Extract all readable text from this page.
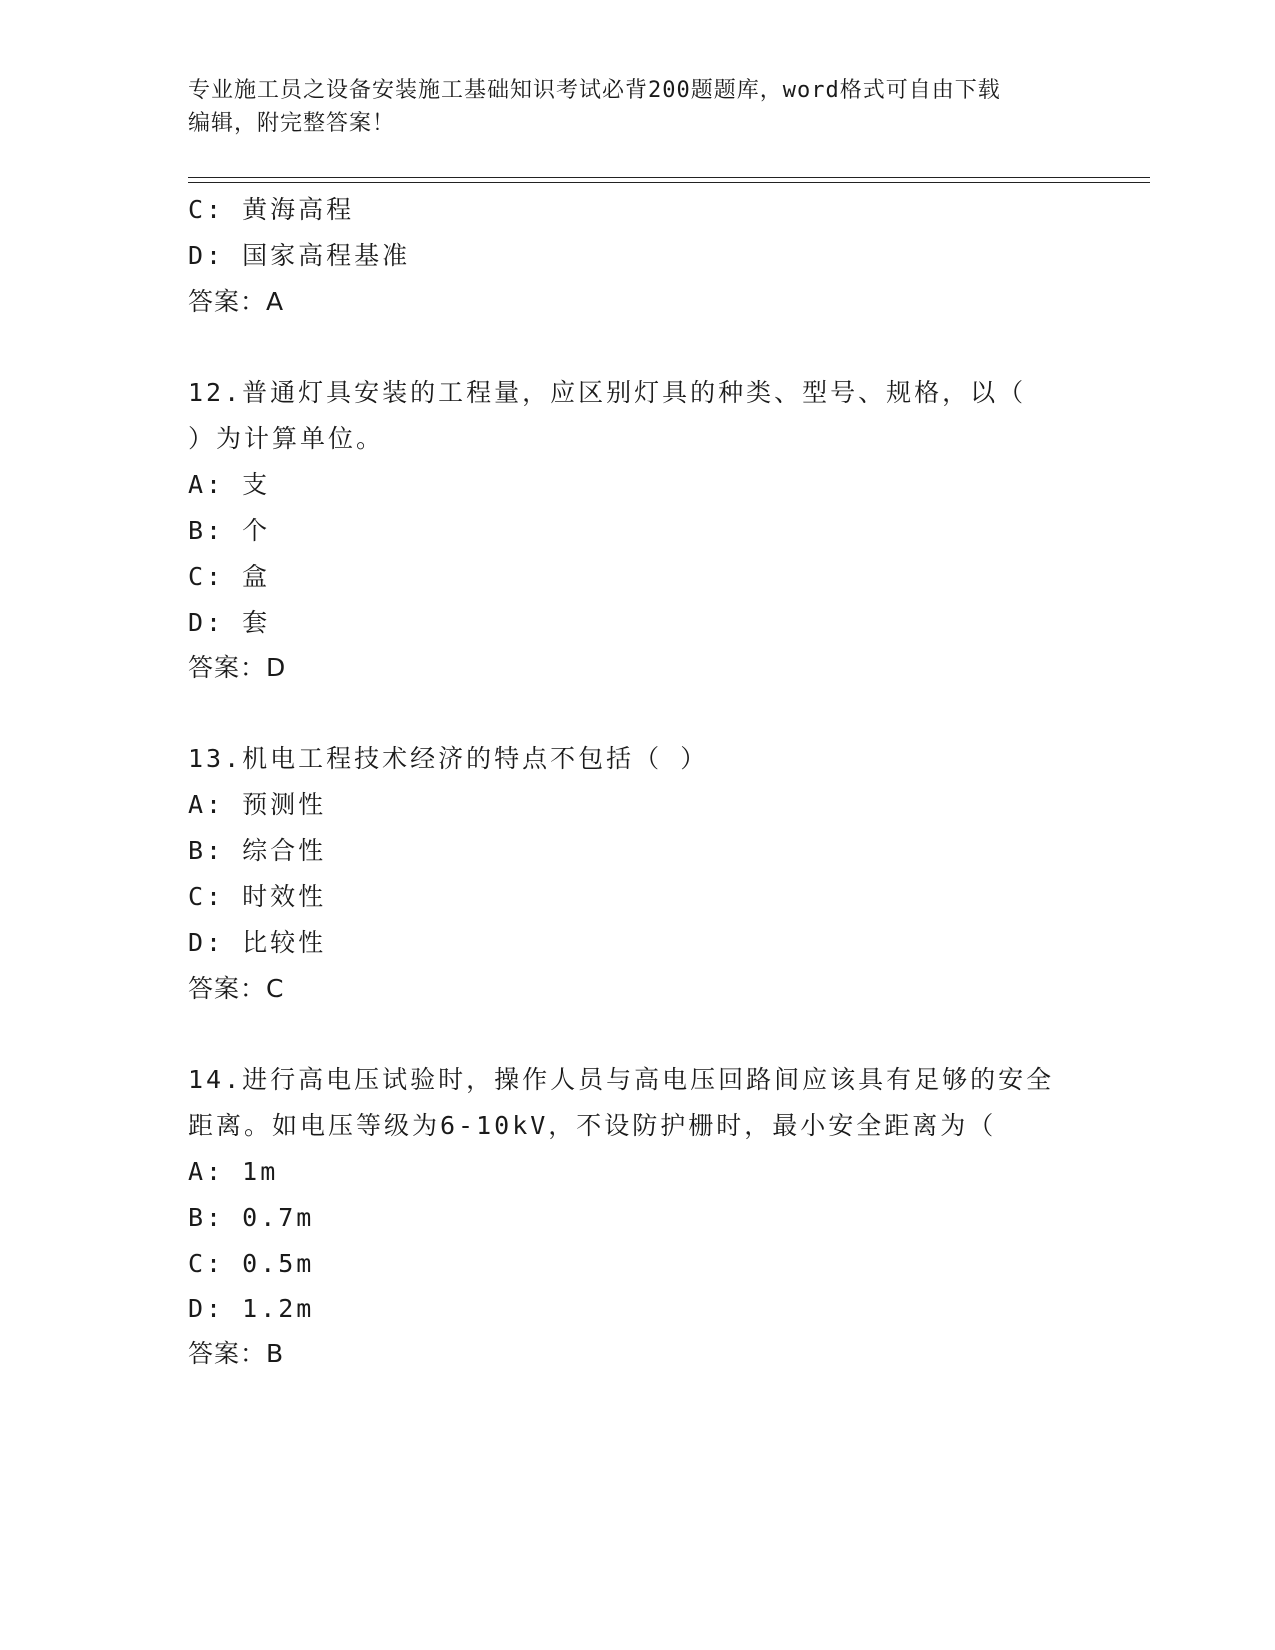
专业施工员之设备安装施工基础知识考试必背200题题库，word格式可自由下载
编辑，附完整答案！
C: 黄海高程
D: 国家高程基准
答案：A
12.普通灯具安装的工程量，应区别灯具的种类、型号、规格，以（
）为计算单位。
A: 支
B: 个
C: 盒
D: 套
答案：D
13.机电工程技术经济的特点不包括（ ）
A: 预测性
B: 综合性
C: 时效性
D: 比较性
答案：C
14.进行高电压试验时，操作人员与高电压回路间应该具有足够的安全
距离。如电压等级为6-10kV，不设防护栅时，最小安全距离为（
A: 1m
B: 0.7m
C: 0.5m
D: 1.2m
答案：B
